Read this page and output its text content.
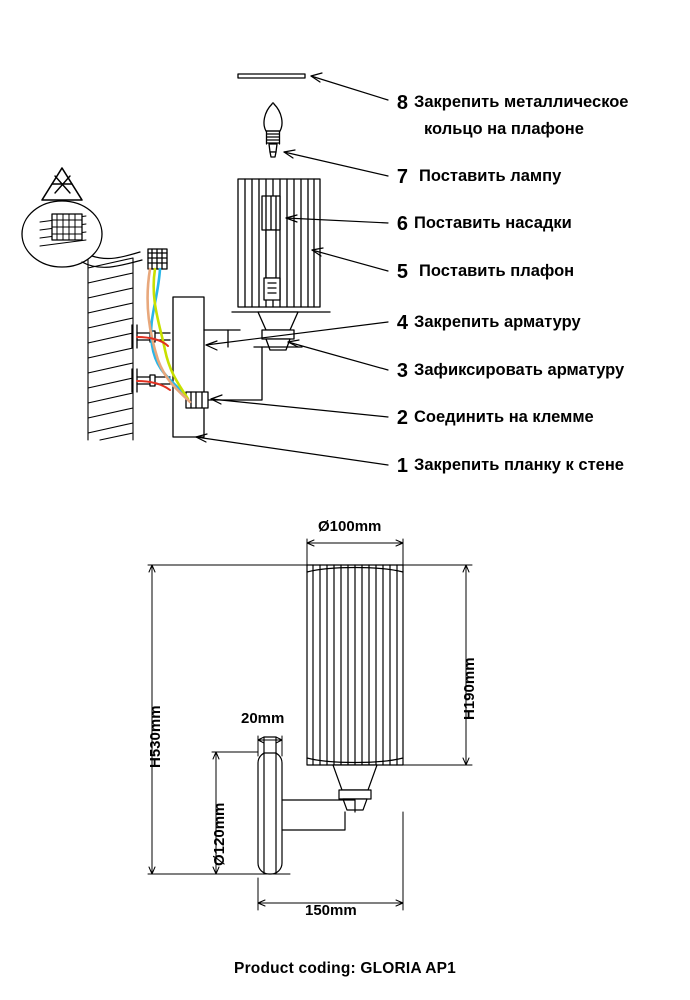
8 Закрепить металлическое
кольцо на плафоне
7 Поставить лампу
6 Поставить насадки
5 Поставить плафон
4 Закрепить арматуру
3 Зафиксировать арматуру
2 Соединить на клемме
1 Закрепить планку к стене
Ø100mm
H190mm
H530mm
Ø120mm
20mm
150mm
Product coding: GLORIA AP1
